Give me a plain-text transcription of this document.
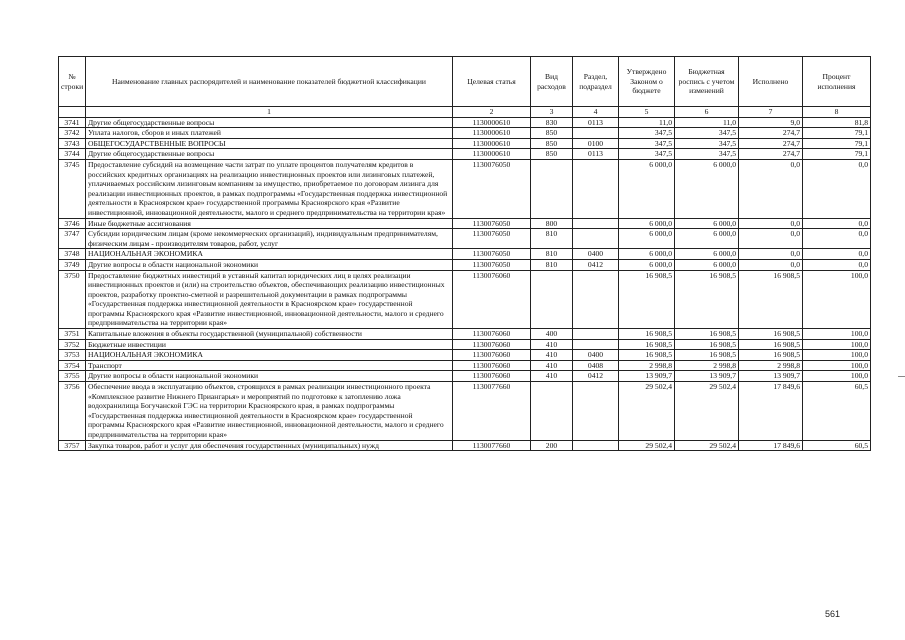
№ строки	Наименование главных распорядителей и наименование показателей бюджетной классификации	Целевая статья	Вид расходов	Раздел, подраздел	Утверждено Законом о бюджете	Бюджетная роспись с учетом изменений	Исполнено	Процент исполнения
	1	2	3	4	5	6	7	8
3741	Другие общегосударственные вопросы	1130000610	830	0113	11,0	11,0	9,0	81,8
3742	Уплата налогов, сборов и иных платежей	1130000610	850		347,5	347,5	274,7	79,1
3743	ОБЩЕГОСУДАРСТВЕННЫЕ ВОПРОСЫ	1130000610	850	0100	347,5	347,5	274,7	79,1
3744	Другие общегосударственные вопросы	1130000610	850	0113	347,5	347,5	274,7	79,1
3745	Предоставление субсидий на возмещение части затрат по уплате процентов получателям кредитов в российских кредитных организациях на реализацию инвестиционных проектов или лизинговых платежей, уплачиваемых российским лизинговым компаниям за имущество, приобретаемое по договорам лизинга для реализации инвестиционных проектов, в рамках подпрограммы «Государственная поддержка инвестиционной деятельности в Красноярском крае» государственной программы Красноярского края «Развитие инвестиционной, инновационной деятельности, малого и среднего предпринимательства на территории края»	1130076050			6 000,0	6 000,0	0,0	0,0
3746	Иные бюджетные ассигнования	1130076050	800		6 000,0	6 000,0	0,0	0,0
3747	Субсидии юридическим лицам (кроме некоммерческих организаций), индивидуальным предпринимателям, физическим лицам - производителям товаров, работ, услуг	1130076050	810		6 000,0	6 000,0	0,0	0,0
3748	НАЦИОНАЛЬНАЯ ЭКОНОМИКА	1130076050	810	0400	6 000,0	6 000,0	0,0	0,0
3749	Другие вопросы в области национальной экономики	1130076050	810	0412	6 000,0	6 000,0	0,0	0,0
3750	Предоставление бюджетных инвестиций в уставный капитал юридических лиц в целях реализации инвестиционных проектов и (или) на строительство объектов, обеспечивающих реализацию инвестиционных проектов, разработку проектно-сметной и разрешительной документации в рамках подпрограммы «Государственная поддержка инвестиционной деятельности в Красноярском крае» государственной программы Красноярского края «Развитие инвестиционной, инновационной деятельности, малого и среднего предпринимательства на территории края»	1130076060			16 908,5	16 908,5	16 908,5	100,0
3751	Капитальные вложения в объекты государственной (муниципальной) собственности	1130076060	400		16 908,5	16 908,5	16 908,5	100,0
3752	Бюджетные инвестиции	1130076060	410		16 908,5	16 908,5	16 908,5	100,0
3753	НАЦИОНАЛЬНАЯ ЭКОНОМИКА	1130076060	410	0400	16 908,5	16 908,5	16 908,5	100,0
3754	Транспорт	1130076060	410	0408	2 998,8	2 998,8	2 998,8	100,0
3755	Другие вопросы в области национальной экономики	1130076060	410	0412	13 909,7	13 909,7	13 909,7	100,0
3756	Обеспечение ввода в эксплуатацию объектов, строящихся в рамках реализации инвестиционного проекта «Комплексное развитие Нижнего Приангарья» и мероприятий по подготовке к затоплению ложа водохранилища Богучанской ГЭС на территории Красноярского края, в рамках подпрограммы «Государственная поддержка инвестиционной деятельности в Красноярском крае» государственной программы Красноярского края «Развитие инвестиционной, инновационной деятельности, малого и среднего предпринимательства на территории края»	1130077660			29 502,4	29 502,4	17 849,6	60,5
3757	Закупка товаров, работ и услуг для обеспечения государственных (муниципальных) нужд	1130077660	200		29 502,4	29 502,4	17 849,6	60,5
561
